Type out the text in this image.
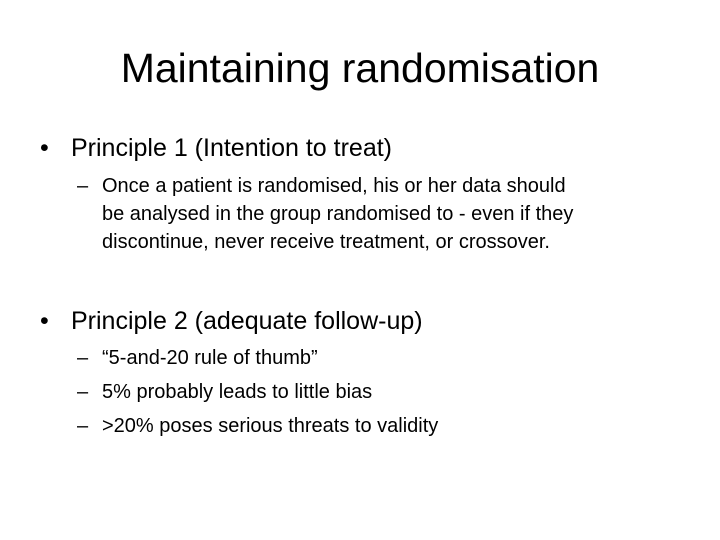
Maintaining randomisation
• Principle 1 (Intention to treat)
– Once a patient is randomised, his or her data should
be analysed in the group randomised to - even if they
discontinue, never receive treatment, or crossover.
• Principle 2 (adequate follow-up)
– “5-and-20 rule of thumb”
– 5% probably leads to little bias
– >20% poses serious threats to validity
